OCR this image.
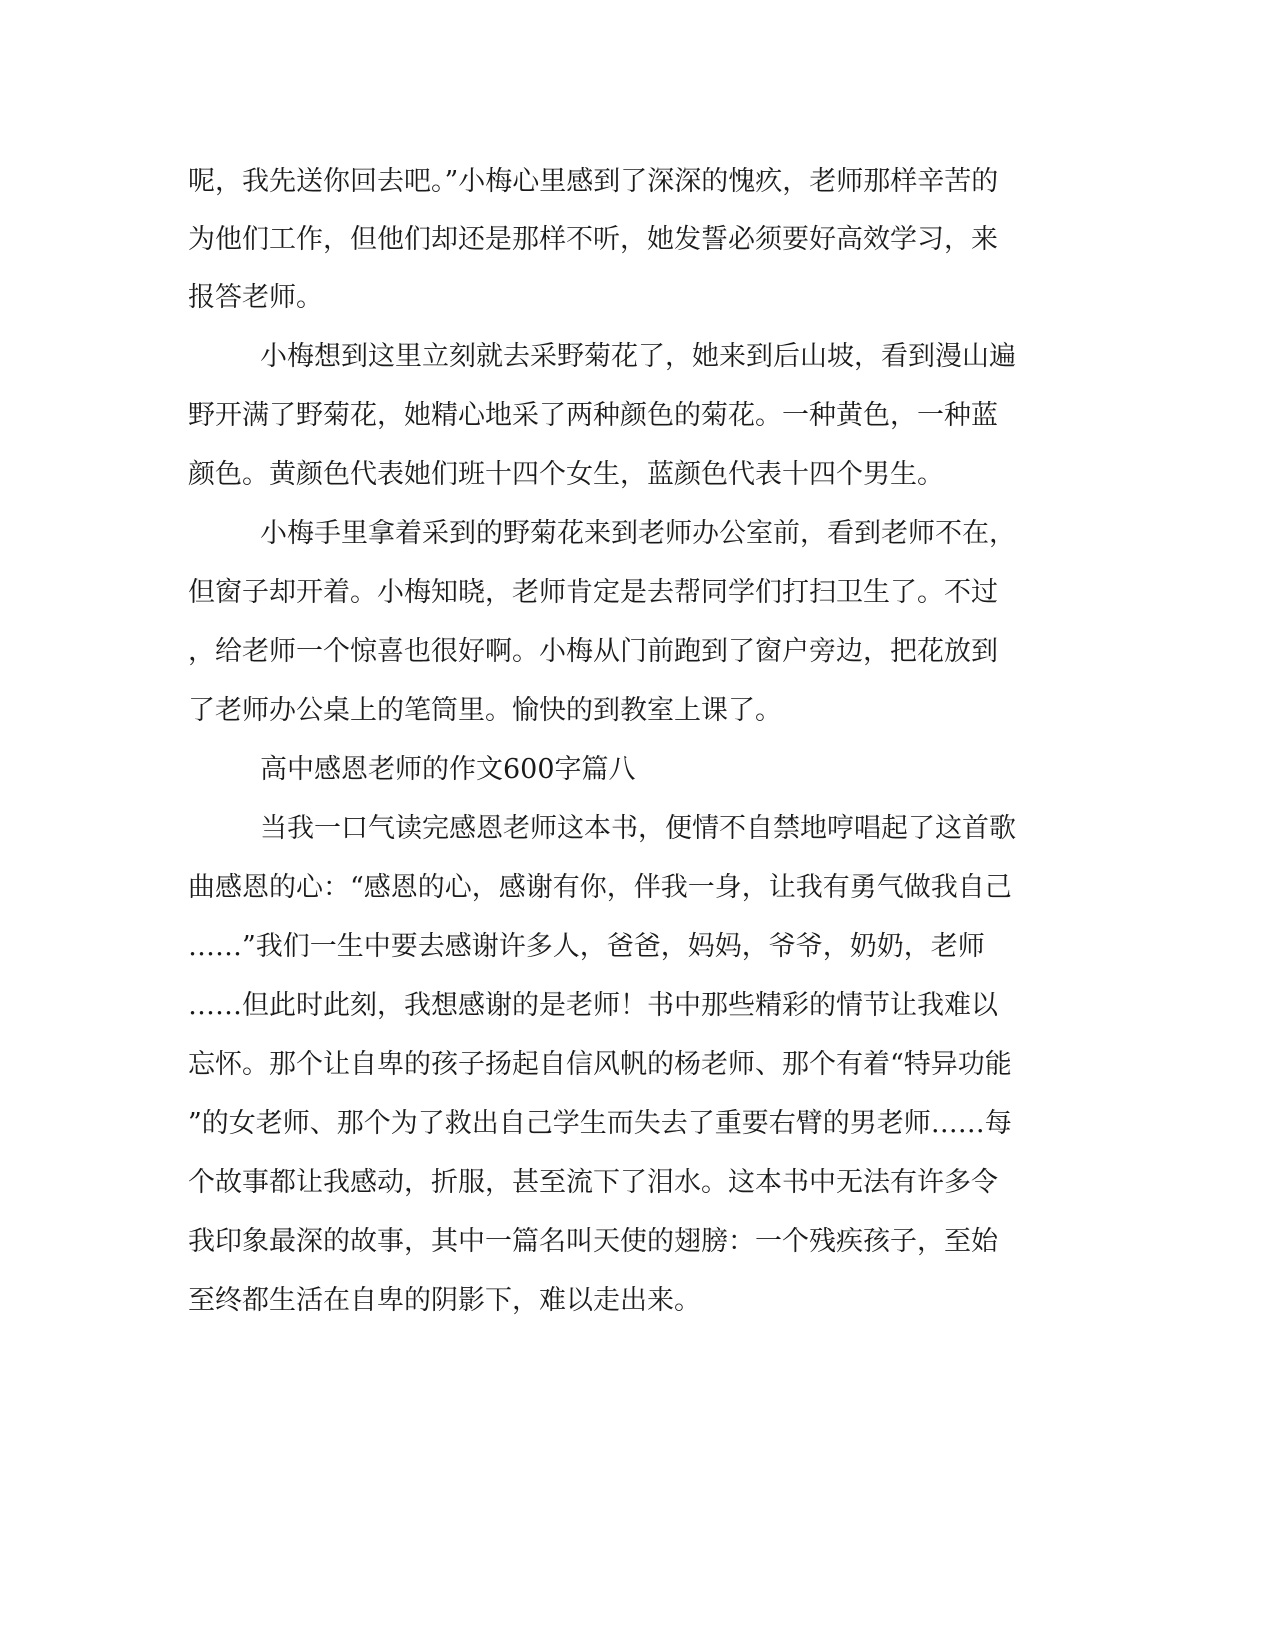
呢，我先送你回去吧。”小梅心里感到了深深的愧疚，老师那样辛苦的
为他们工作，但他们却还是那样不听，她发誓必须要好高效学习，来
报答老师。
小梅想到这里立刻就去采野菊花了，她来到后山坡，看到漫山遍
野开满了野菊花，她精心地采了两种颜色的菊花。一种黄色，一种蓝
颜色。黄颜色代表她们班十四个女生，蓝颜色代表十四个男生。
小梅手里拿着采到的野菊花来到老师办公室前，看到老师不在，
但窗子却开着。小梅知晓，老师肯定是去帮同学们打扫卫生了。不过
，给老师一个惊喜也很好啊。小梅从门前跑到了窗户旁边，把花放到
了老师办公桌上的笔筒里。愉快的到教室上课了。
高中感恩老师的作文600字篇八
当我一口气读完感恩老师这本书，便情不自禁地哼唱起了这首歌
曲感恩的心：“感恩的心，感谢有你，伴我一身，让我有勇气做我自己
……”我们一生中要去感谢许多人，爸爸，妈妈，爷爷，奶奶，老师
……但此时此刻，我想感谢的是老师！书中那些精彩的情节让我难以
忘怀。那个让自卑的孩子扬起自信风帆的杨老师、那个有着“特异功能
”的女老师、那个为了救出自己学生而失去了重要右臂的男老师……每
个故事都让我感动，折服，甚至流下了泪水。这本书中无法有许多令
我印象最深的故事，其中一篇名叫天使的翅膀：一个残疾孩子，至始
至终都生活在自卑的阴影下，难以走出来。
